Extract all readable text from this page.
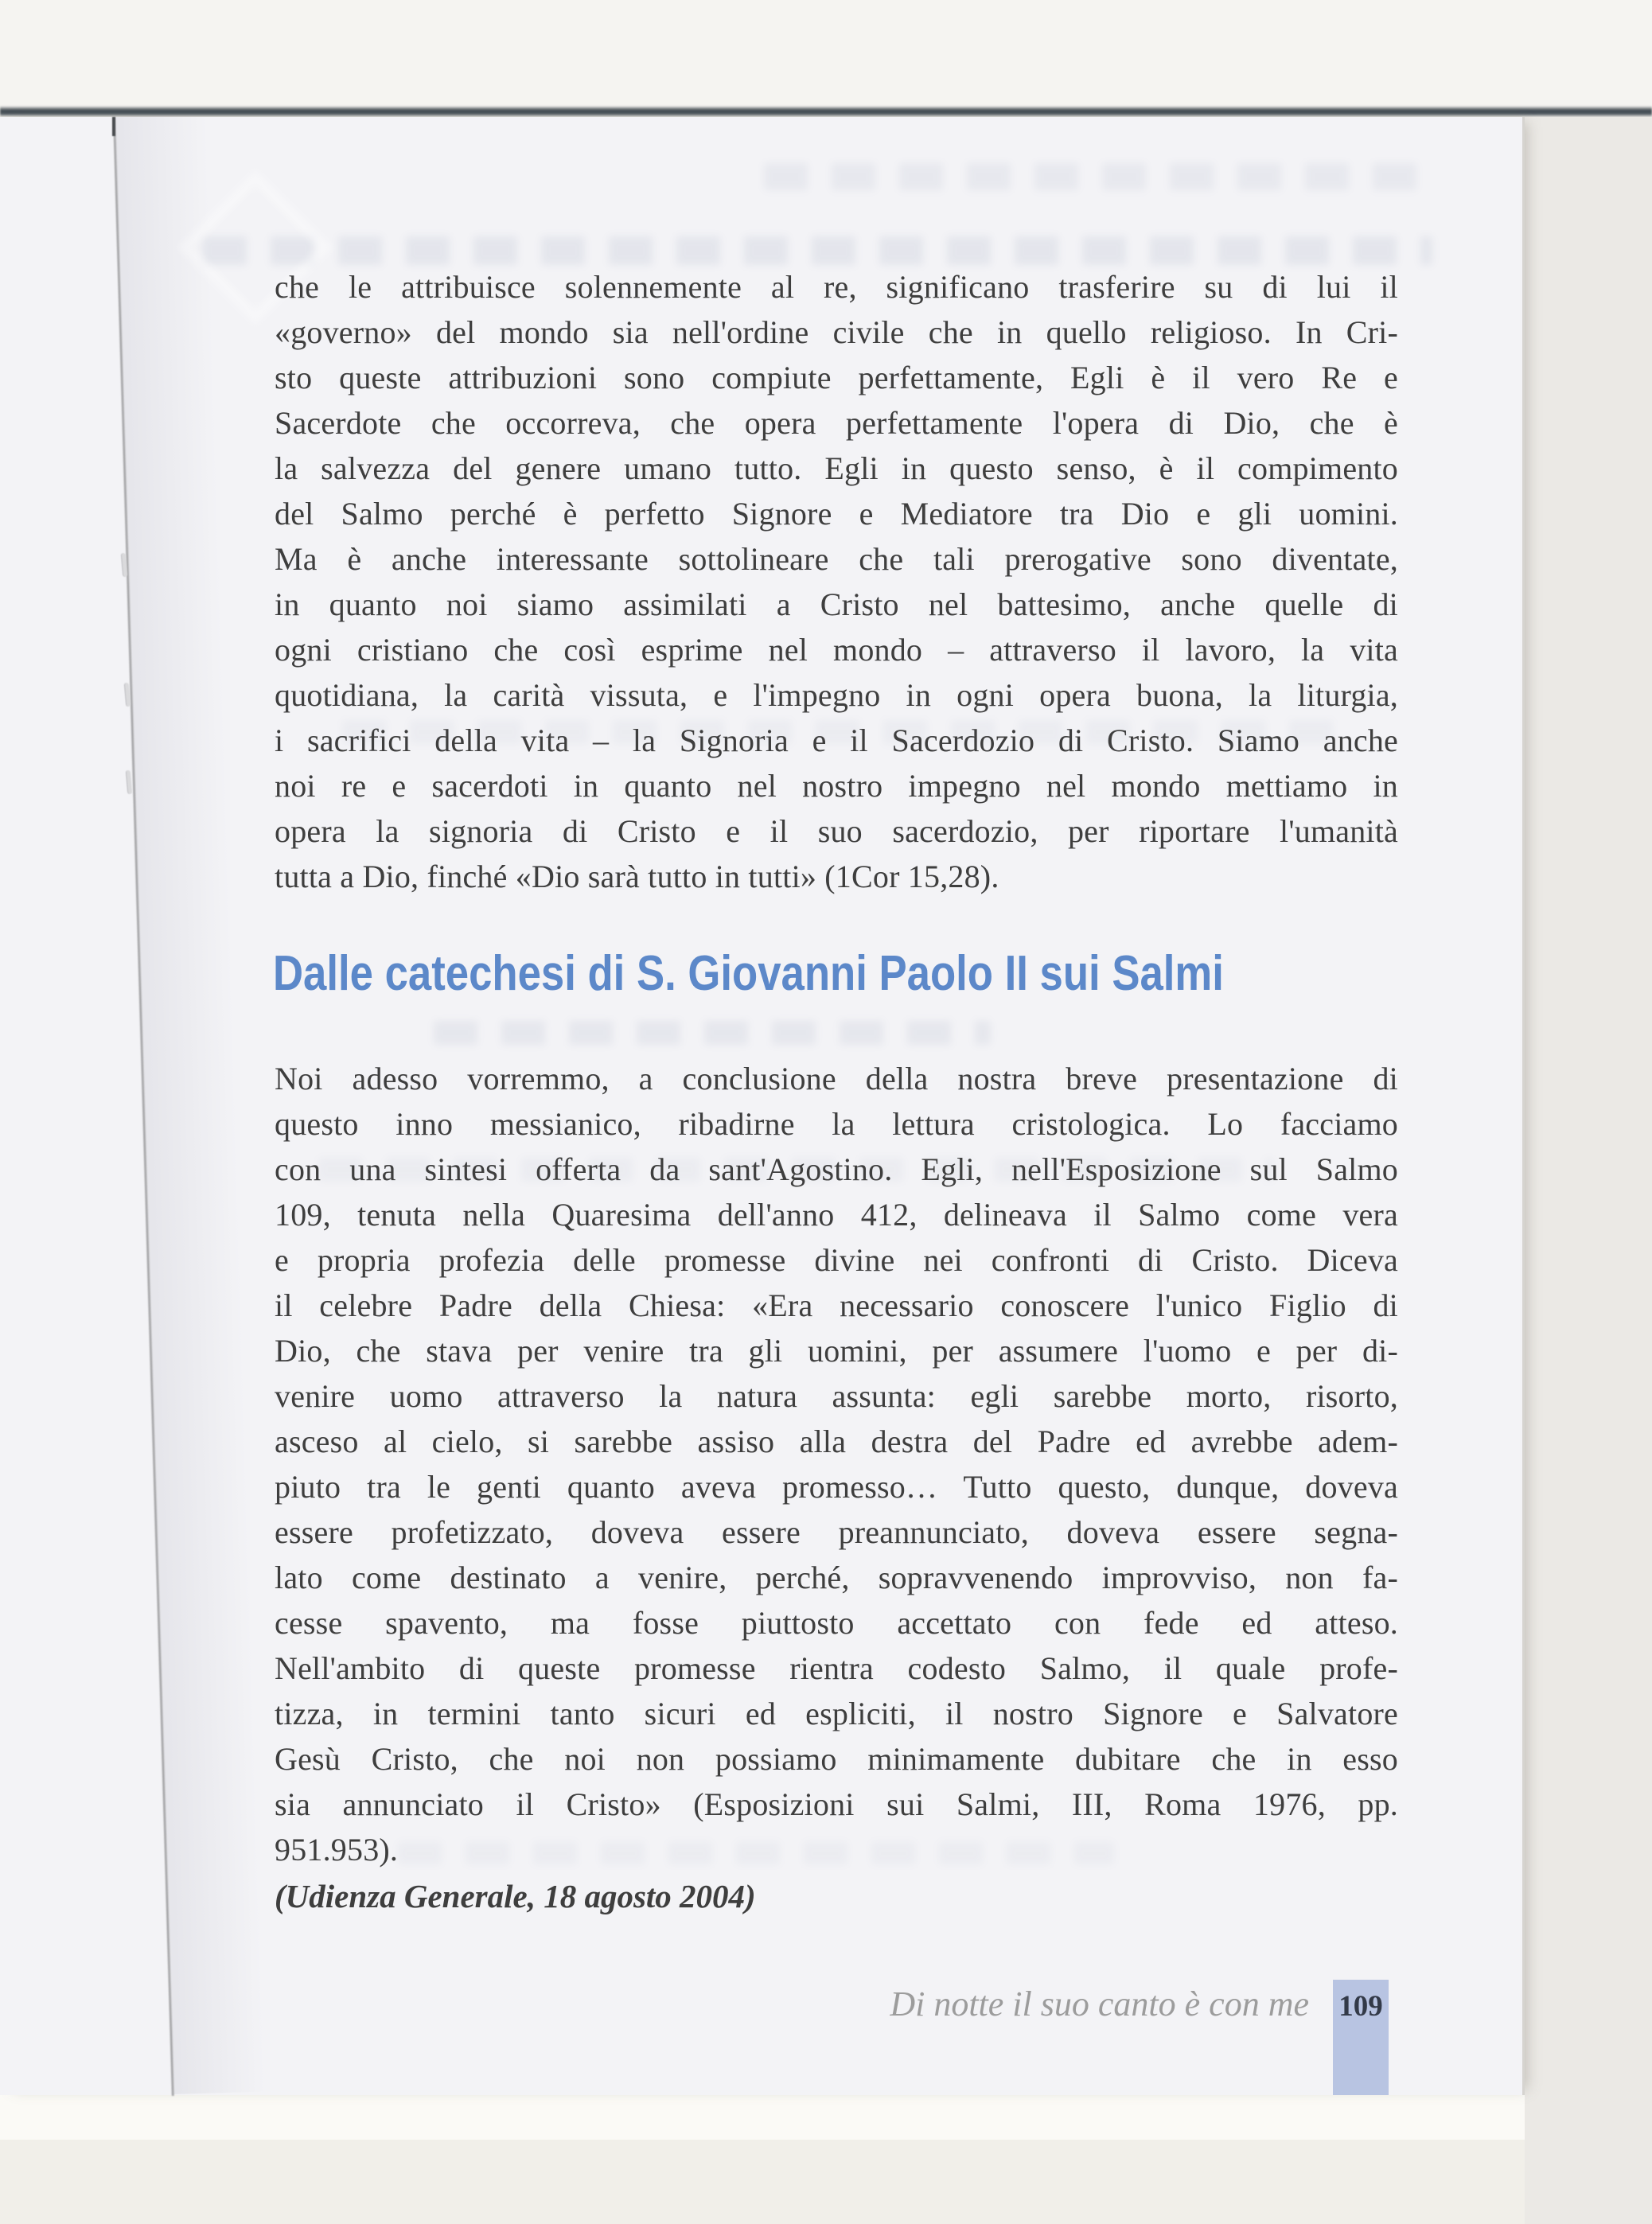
che le attribuisce solennemente al re, significano trasferire su di lui il
«governo» del mondo sia nell'ordine civile che in quello religioso. In Cri-
sto queste attribuzioni sono compiute perfettamente, Egli è il vero Re e
Sacerdote che occorreva, che opera perfettamente l'opera di Dio, che è
la salvezza del genere umano tutto. Egli in questo senso, è il compimento
del Salmo perché è perfetto Signore e Mediatore tra Dio e gli uomini.
Ma è anche interessante sottolineare che tali prerogative sono diventate,
in quanto noi siamo assimilati a Cristo nel battesimo, anche quelle di
ogni cristiano che così esprime nel mondo – attraverso il lavoro, la vita
quotidiana, la carità vissuta, e l'impegno in ogni opera buona, la liturgia,
i sacrifici della vita – la Signoria e il Sacerdozio di Cristo. Siamo anche
noi re e sacerdoti in quanto nel nostro impegno nel mondo mettiamo in
opera la signoria di Cristo e il suo sacerdozio, per riportare l'umanità
tutta a Dio, finché «Dio sarà tutto in tutti» (1Cor 15,28).
Dalle catechesi di S. Giovanni Paolo II sui Salmi
Noi adesso vorremmo, a conclusione della nostra breve presentazione di
questo inno messianico, ribadirne la lettura cristologica. Lo facciamo
con una sintesi offerta da sant'Agostino. Egli, nell'Esposizione sul Salmo
109, tenuta nella Quaresima dell'anno 412, delineava il Salmo come vera
e propria profezia delle promesse divine nei confronti di Cristo. Diceva
il celebre Padre della Chiesa: «Era necessario conoscere l'unico Figlio di
Dio, che stava per venire tra gli uomini, per assumere l'uomo e per di-
venire uomo attraverso la natura assunta: egli sarebbe morto, risorto,
asceso al cielo, si sarebbe assiso alla destra del Padre ed avrebbe adem-
piuto tra le genti quanto aveva promesso… Tutto questo, dunque, doveva
essere profetizzato, doveva essere preannunciato, doveva essere segna-
lato come destinato a venire, perché, sopravvenendo improvviso, non fa-
cesse spavento, ma fosse piuttosto accettato con fede ed atteso.
Nell'ambito di queste promesse rientra codesto Salmo, il quale profe-
tizza, in termini tanto sicuri ed espliciti, il nostro Signore e Salvatore
Gesù Cristo, che noi non possiamo minimamente dubitare che in esso
sia annunciato il Cristo» (Esposizioni sui Salmi, III, Roma 1976, pp.
951.953).
(Udienza Generale, 18 agosto 2004)
Di notte il suo canto è con me 109
